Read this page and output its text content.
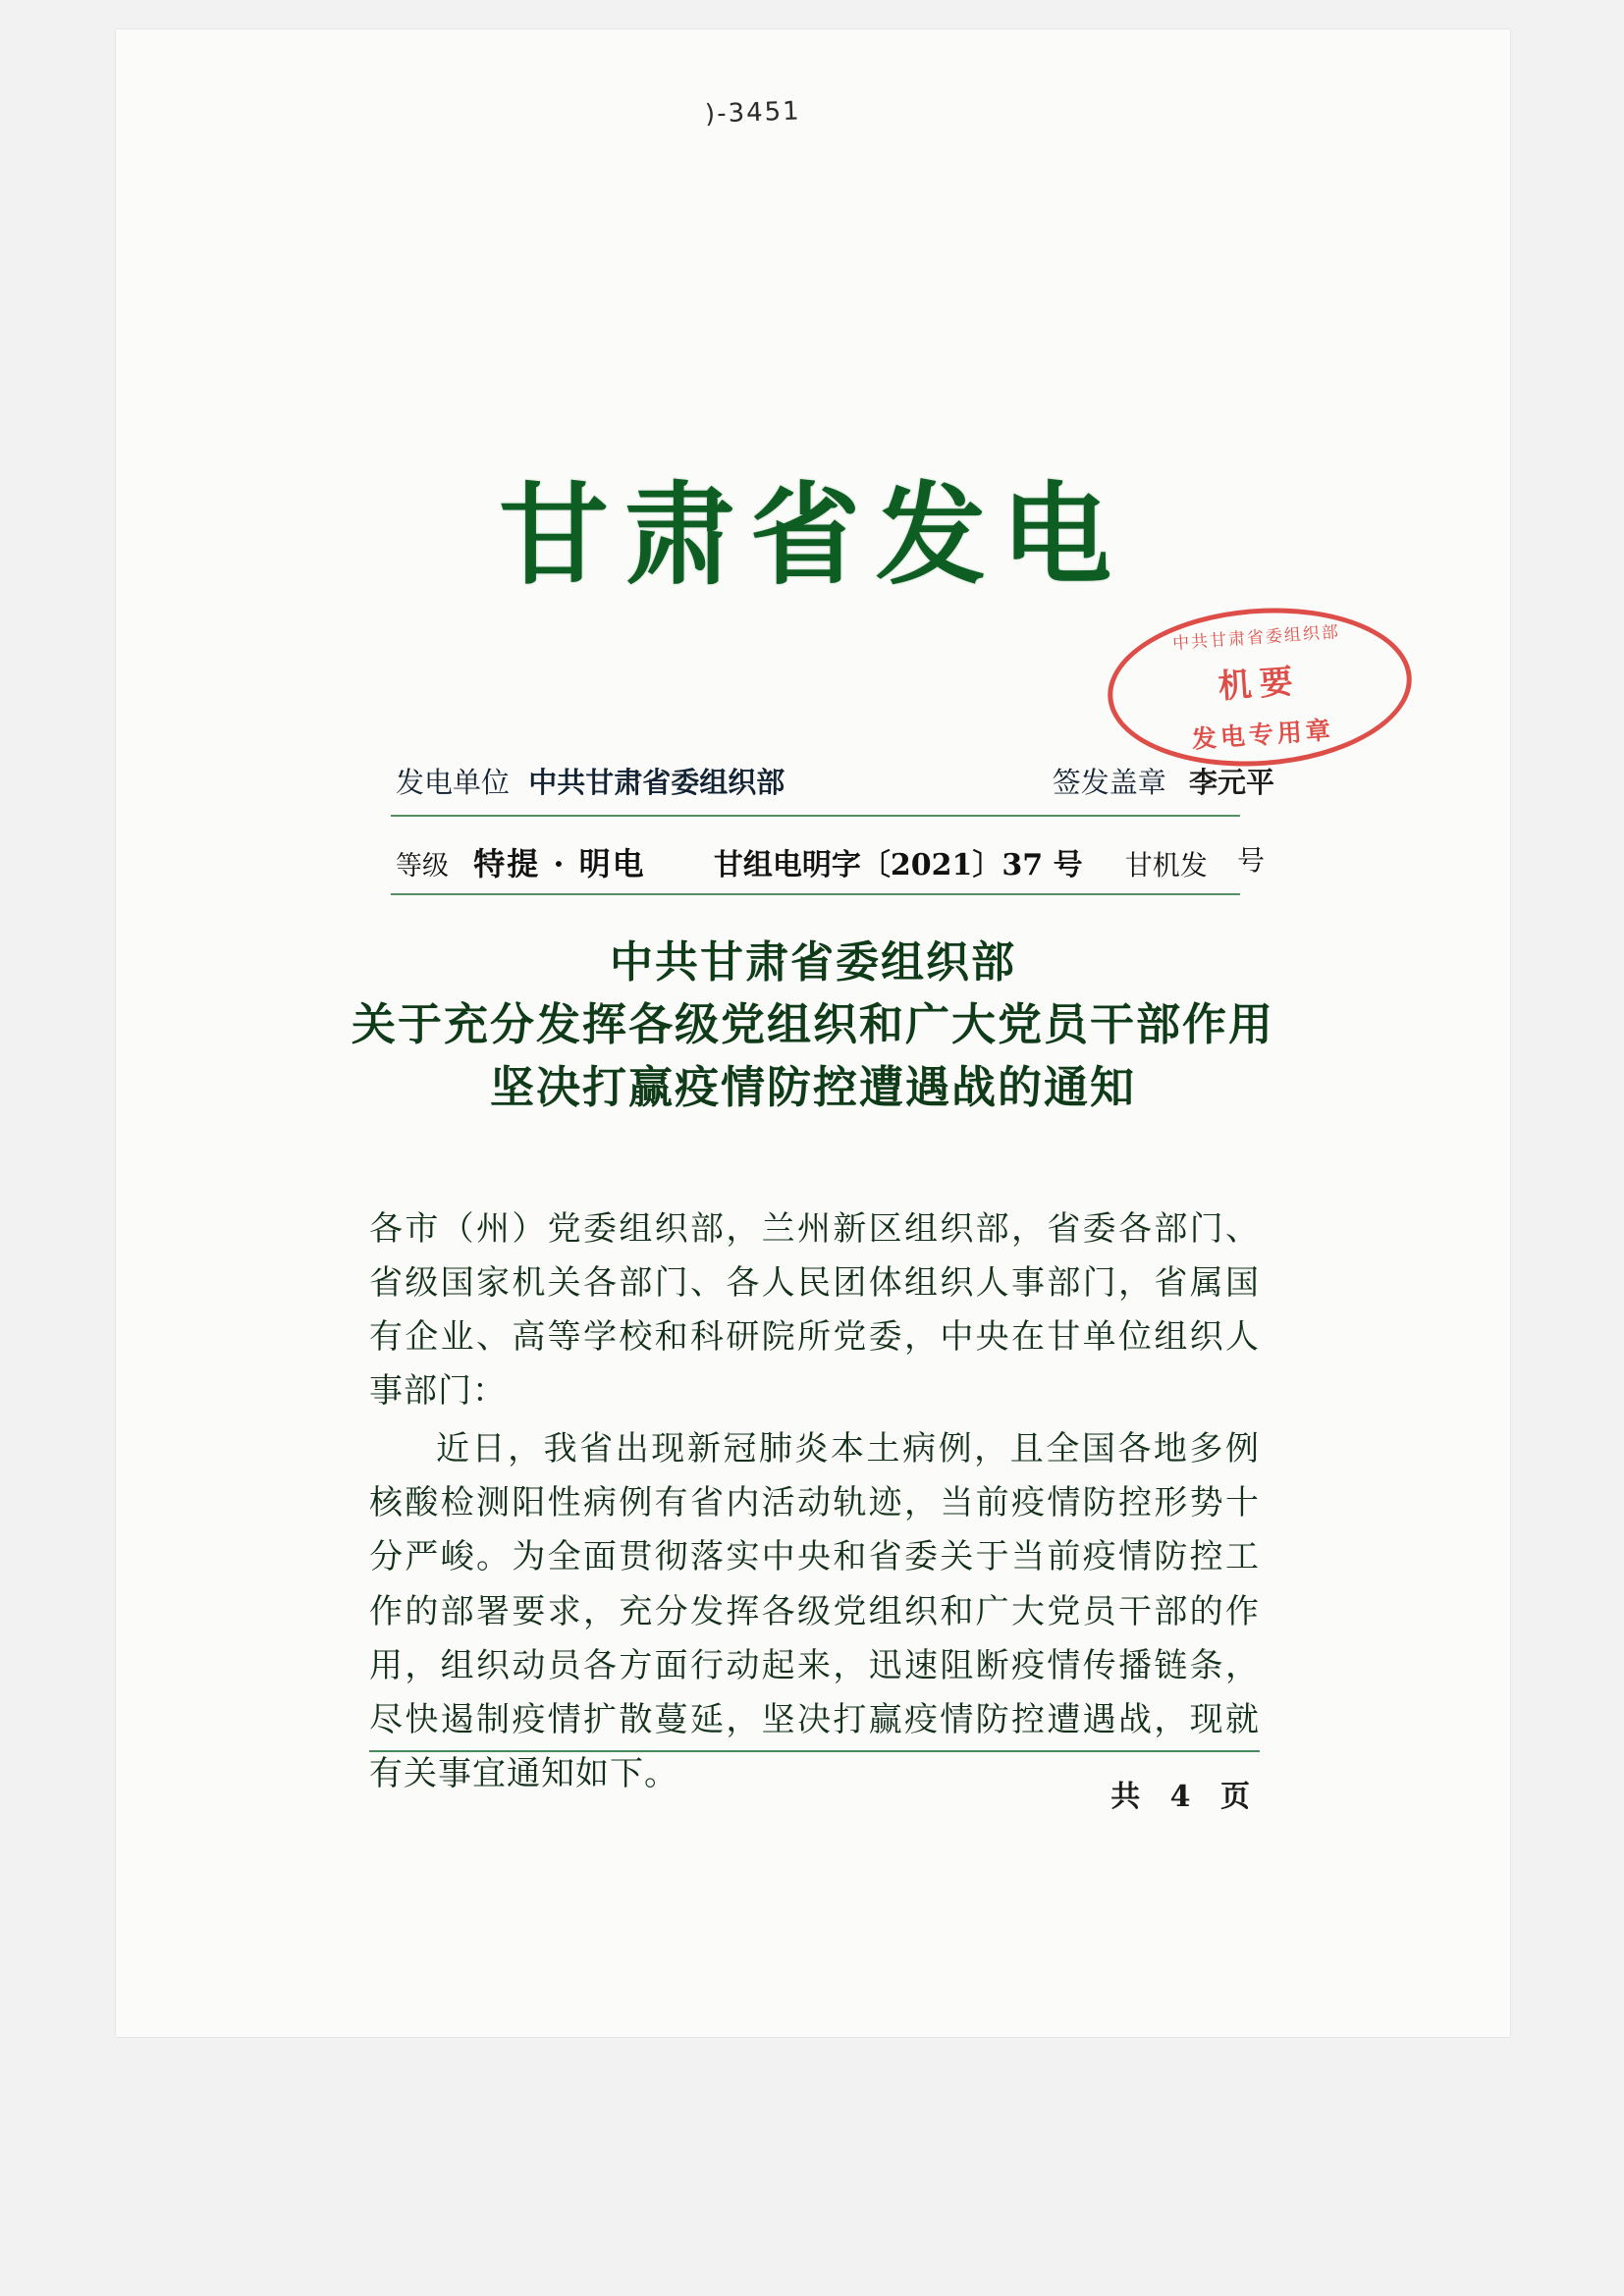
)-3451
甘肃省发电
中共甘肃省委组织部
机要
发电专用章
发电单位 中共甘肃省委组织部	签发盖章 李元平
等级 特提 · 明电 甘组电明字〔2021〕37 号 甘机发 号
中共甘肃省委组织部
关于充分发挥各级党组织和广大党员干部作用
坚决打赢疫情防控遭遇战的通知

各市（州）党委组织部，兰州新区组织部，省委各部门、省级国家机关各部门、各人民团体组织人事部门，省属国有企业、高等学校和科研院所党委，中央在甘单位组织人事部门：

近日，我省出现新冠肺炎本土病例，且全国各地多例核酸检测阳性病例有省内活动轨迹，当前疫情防控形势十分严峻。为全面贯彻落实中央和省委关于当前疫情防控工作的部署要求，充分发挥各级党组织和广大党员干部的作用，组织动员各方面行动起来，迅速阻断疫情传播链条，尽快遏制疫情扩散蔓延，坚决打赢疫情防控遭遇战，现就有关事宜通知如下。

共 4 页
